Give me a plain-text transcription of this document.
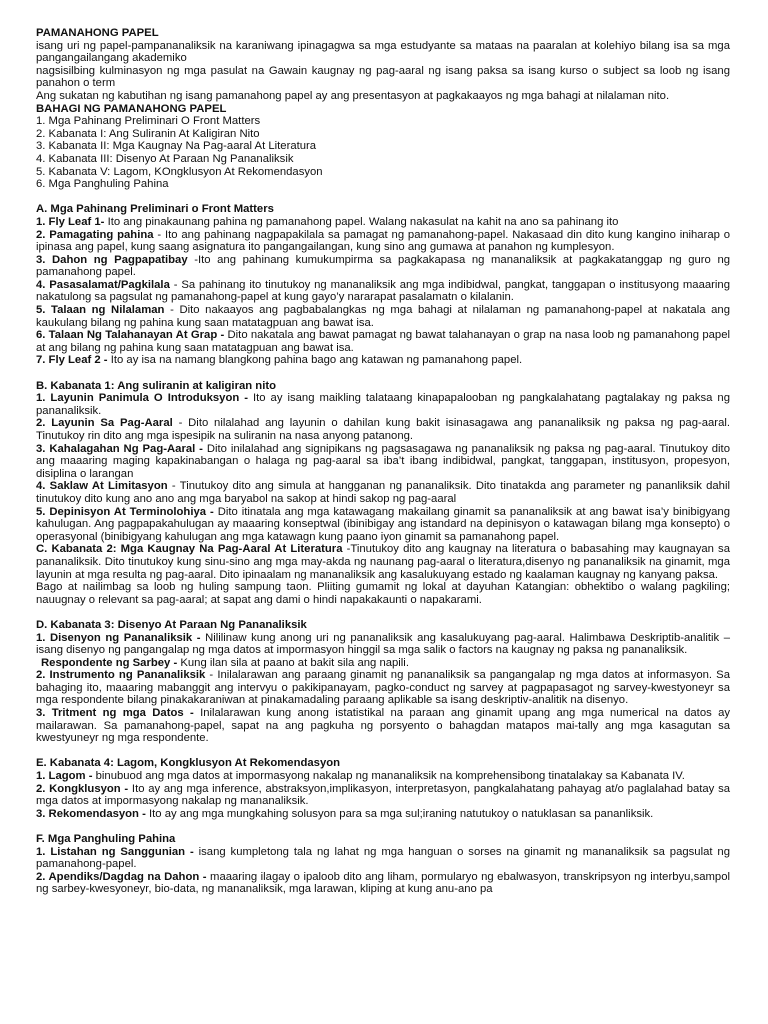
PAMANAHONG PAPEL

isang uri ng papel-pampananaliksik na karaniwang ipinagagwa sa mga estudyante sa mataas na paaralan at kolehiyo bilang isa sa mga pangangailangang akademiko

nagsisilbing kulminasyon ng mga pasulat na Gawain kaugnay ng pag-aaral ng isang paksa sa isang kurso o subject sa loob ng isang panahon o term

Ang sukatan ng kabutihan ng isang pamanahong papel ay ang presentasyon at pagkakaayos ng mga bahagi at nilalaman nito.

BAHAGI NG PAMANAHONG PAPEL

1. Mga Pahinang Preliminari O Front Matters

2. Kabanata I: Ang Suliranin At Kaligiran Nito

3. Kabanata II: Mga Kaugnay Na Pag-aaral At Literatura

4. Kabanata III: Disenyo At Paraan Ng Pananaliksik

5. Kabanata V: Lagom, KOngklusyon At Rekomendasyon

6. Mga Panghuling Pahina

A. Mga Pahinang Preliminari o Front Matters

1. Fly Leaf 1- Ito ang pinakaunang pahina ng pamanahong papel. Walang nakasulat na kahit na ano sa pahinang ito

2. Pamagating pahina - Ito ang pahinang nagpapakilala sa pamagat ng pamanahong-papel. Nakasaad din dito kung kangino iniharap o ipinasa ang papel, kung saang asignatura ito pangangailangan, kung sino ang gumawa at panahon ng kumplesyon.

3. Dahon ng Pagpapatibay -Ito ang pahinang kumukumpirma sa pagkakapasa ng mananaliksik at pagkakatanggap ng guro ng pamanahong papel.

4. Pasasalamat/Pagkilala - Sa pahinang ito tinutukoy ng mananaliksik ang mga indibidwal, pangkat, tanggapan o institusyong maaaring nakatulong sa pagsulat ng pamanahong-papel at kung gayo’y nararapat pasalamatn o kilalanin.

5. Talaan ng Nilalaman - Dito nakaayos ang pagbabalangkas ng mga bahagi at nilalaman ng pamanahong-papel at nakatala ang kaukulang bilang ng pahina kung saan matatagpuan ang bawat isa.

6. Talaan Ng Talahanayan At Grap - Dito nakatala ang bawat pamagat ng bawat talahanayan o grap na nasa loob ng pamanahong papel at ang bilang ng pahina kung saan matatagpuan ang bawat isa.

7. Fly Leaf 2 - Ito ay isa na namang blangkong pahina bago ang katawan ng pamanahong papel.

B. Kabanata 1: Ang suliranin at kaligiran nito

1. Layunin Panimula O Introduksyon - Ito ay isang maikling talataang kinapapalooban ng pangkalahatang pagtalakay ng paksa ng pananaliksik.

2. Layunin Sa Pag-Aaral - Dito nilalahad ang layunin o dahilan kung bakit isinasagawa ang pananaliksik ng paksa ng pag-aaral. Tinutukoy rin dito ang mga ispesipik na suliranin na nasa anyong patanong.

3. Kahalagahan Ng Pag-Aaral - Dito inilalahad ang signipikans ng pagsasagawa ng pananaliksik ng paksa ng pag-aaral. Tinutukoy dito ang maaaring maging kapakinabangan o halaga ng pag-aaral sa iba’t ibang indibidwal, pangkat, tanggapan, institusyon, propesyon, disiplina o larangan

4. Saklaw At Limitasyon - Tinutukoy dito ang simula at hangganan ng pananaliksik. Dito tinatakda ang parameter ng pananliksik dahil tinutukoy dito kung ano ano ang mga baryabol na sakop at hindi sakop ng pag-aaral

5. Depinisyon At Terminolohiya - Dito itinatala ang mga katawagang makailang ginamit sa pananaliksik at ang bawat isa’y binibigyang kahulugan. Ang pagpapakahulugan ay maaaring konseptwal (ibinibigay ang istandard na depinisyon o katawagan bilang mga konsepto) o operasyonal (binibigyang kahulugan ang mga katawagn kung paano iyon ginamit sa pamanahong papel.

C. Kabanata 2: Mga Kaugnay Na Pag-Aaral At Literatura -Tinutukoy dito ang kaugnay na literatura o babasahing may kaugnayan sa pananaliksik. Dito tinutukoy kung sinu-sino ang mga may-akda ng naunang pag-aaral o literatura,disenyo ng pananaliksik na ginamit, mga layunin at mga resulta ng pag-aaral. Dito ipinaalam ng mananaliksik ang kasalukuyang estado ng kaalaman kaugnay ng kanyang paksa.

Bago at nailimbag sa loob ng huling sampung taon. Pliiting gumamit ng lokal at dayuhan Katangian: obhektibo o walang pagkiling; nauugnay o relevant sa pag-aaral; at sapat ang dami o hindi napakakaunti o napakarami.

D. Kabanata 3: Disenyo At Paraan Ng Pananaliksik

1. Disenyon ng Pananaliksik - Nililinaw kung anong uri ng pananaliksik ang kasalukuyang pag-aaral. Halimbawa Deskriptib-analitik – isang disenyo ng pangangalap ng mga datos at impormasyon hinggil sa mga salik o factors na kaugnay ng paksa ng pananaliksik.

Respondente ng Sarbey - Kung ilan sila at paano at bakit sila ang napili.

2. Instrumento ng Pananaliksik - Inilalarawan ang paraang ginamit ng pananaliksik sa pangangalap ng mga datos at informasyon. Sa bahaging ito, maaaring mabanggit ang intervyu o pakikipanayam, pagko-conduct ng sarvey at pagpapasagot ng sarvey-kwestyoneyr sa mga respondente bilang pinakakaraniwan at pinakamadaling paraang aplikable sa isang deskriptiv-analitik na disenyo.

3. Tritment ng mga Datos - Inilalarawan kung anong istatistikal na paraan ang ginamit upang ang mga numerical na datos ay mailarawan. Sa pamanahong-papel, sapat na ang pagkuha ng porsyento o bahagdan matapos mai-tally ang mga kasagutan sa kwestyuneyr ng mga respondente.

E. Kabanata 4: Lagom, Kongklusyon At Rekomendasyon

1. Lagom - binubuod ang mga datos at impormasyong nakalap ng mananaliksik na komprehensibong tinatalakay sa Kabanata IV.

2. Kongklusyon - Ito ay ang mga inference, abstraksyon,implikasyon, interpretasyon, pangkalahatang pahayag at/o paglalahad batay sa mga datos at impormasyong nakalap ng mananaliksik.

3. Rekomendasyon - Ito ay ang mga mungkahing solusyon para sa mga sul;iraning natutukoy o natuklasan sa pananliksik.

F. Mga Panghuling Pahina

1. Listahan ng Sanggunian - isang kumpletong tala ng lahat ng mga hanguan o sorses na ginamit ng mananaliksik sa pagsulat ng pamanahong-papel.

2. Apendiks/Dagdag na Dahon - maaaring ilagay o ipaloob dito ang liham, pormularyo ng ebalwasyon, transkripsyon ng interbyu,sampol ng sarbey-kwesyoneyr, bio-data, ng mananaliksik, mga larawan, kliping at kung anu-ano pa
